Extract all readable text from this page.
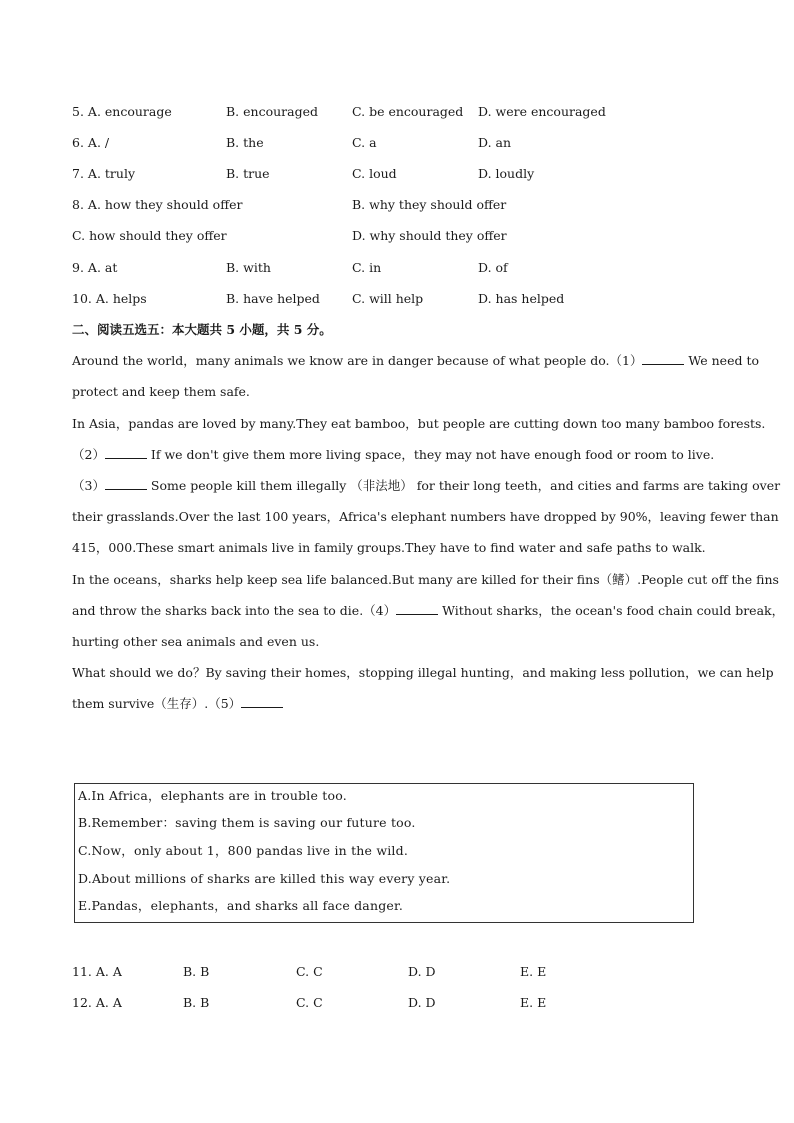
5. A. encourage	B. encouraged	C. be encouraged D. were encouraged
6. A. /	B. the	C. a	D. an
7. A. truly	B. true	C. loud	D. loudly
8. A. how they should offer	B. why they should offer
C. how should they offer	D. why should they offer
9. A. at	B. with	C. in	D. of
10. A. helps	B. have helped	C. will help	D. has helped
二、阅读五选五：本大题共 5 小题，共 5 分。
Around the world，many animals we know are in danger because of what people do.（1）	We need to
protect and keep them safe.
In Asia，pandas are loved by many.They eat bamboo，but people are cutting down too many bamboo forests.
（2）	If we don't give them more living space，they may not have enough food or room to live.
（3）	Some people kill them illegally （非法地） for their long teeth，and cities and farms are taking over
their grasslands.Over the last 100 years，Africa's elephant numbers have dropped by 90%，leaving fewer than
415，000.These smart animals live in family groups.They have to find water and safe paths to walk.
In the oceans，sharks help keep sea life balanced.But many are killed for their fins（鳍）.People cut off the fins
and throw the sharks back into the sea to die.（4）	Without sharks，the ocean's food chain could break，
hurting other sea animals and even us.
What should we do？By saving their homes，stopping illegal hunting，and making less pollution，we can help
them survive（生存）.（5）
A.In Africa，elephants are in trouble too.
B.Remember：saving them is saving our future too.
C.Now，only about 1，800 pandas live in the wild.
D.About millions of sharks are killed this way every year.
E.Pandas，elephants，and sharks all face danger.
11. A. A	B. B	C. C	D. D	E. E
12. A. A	B. B	C. C	D. D	E. E
